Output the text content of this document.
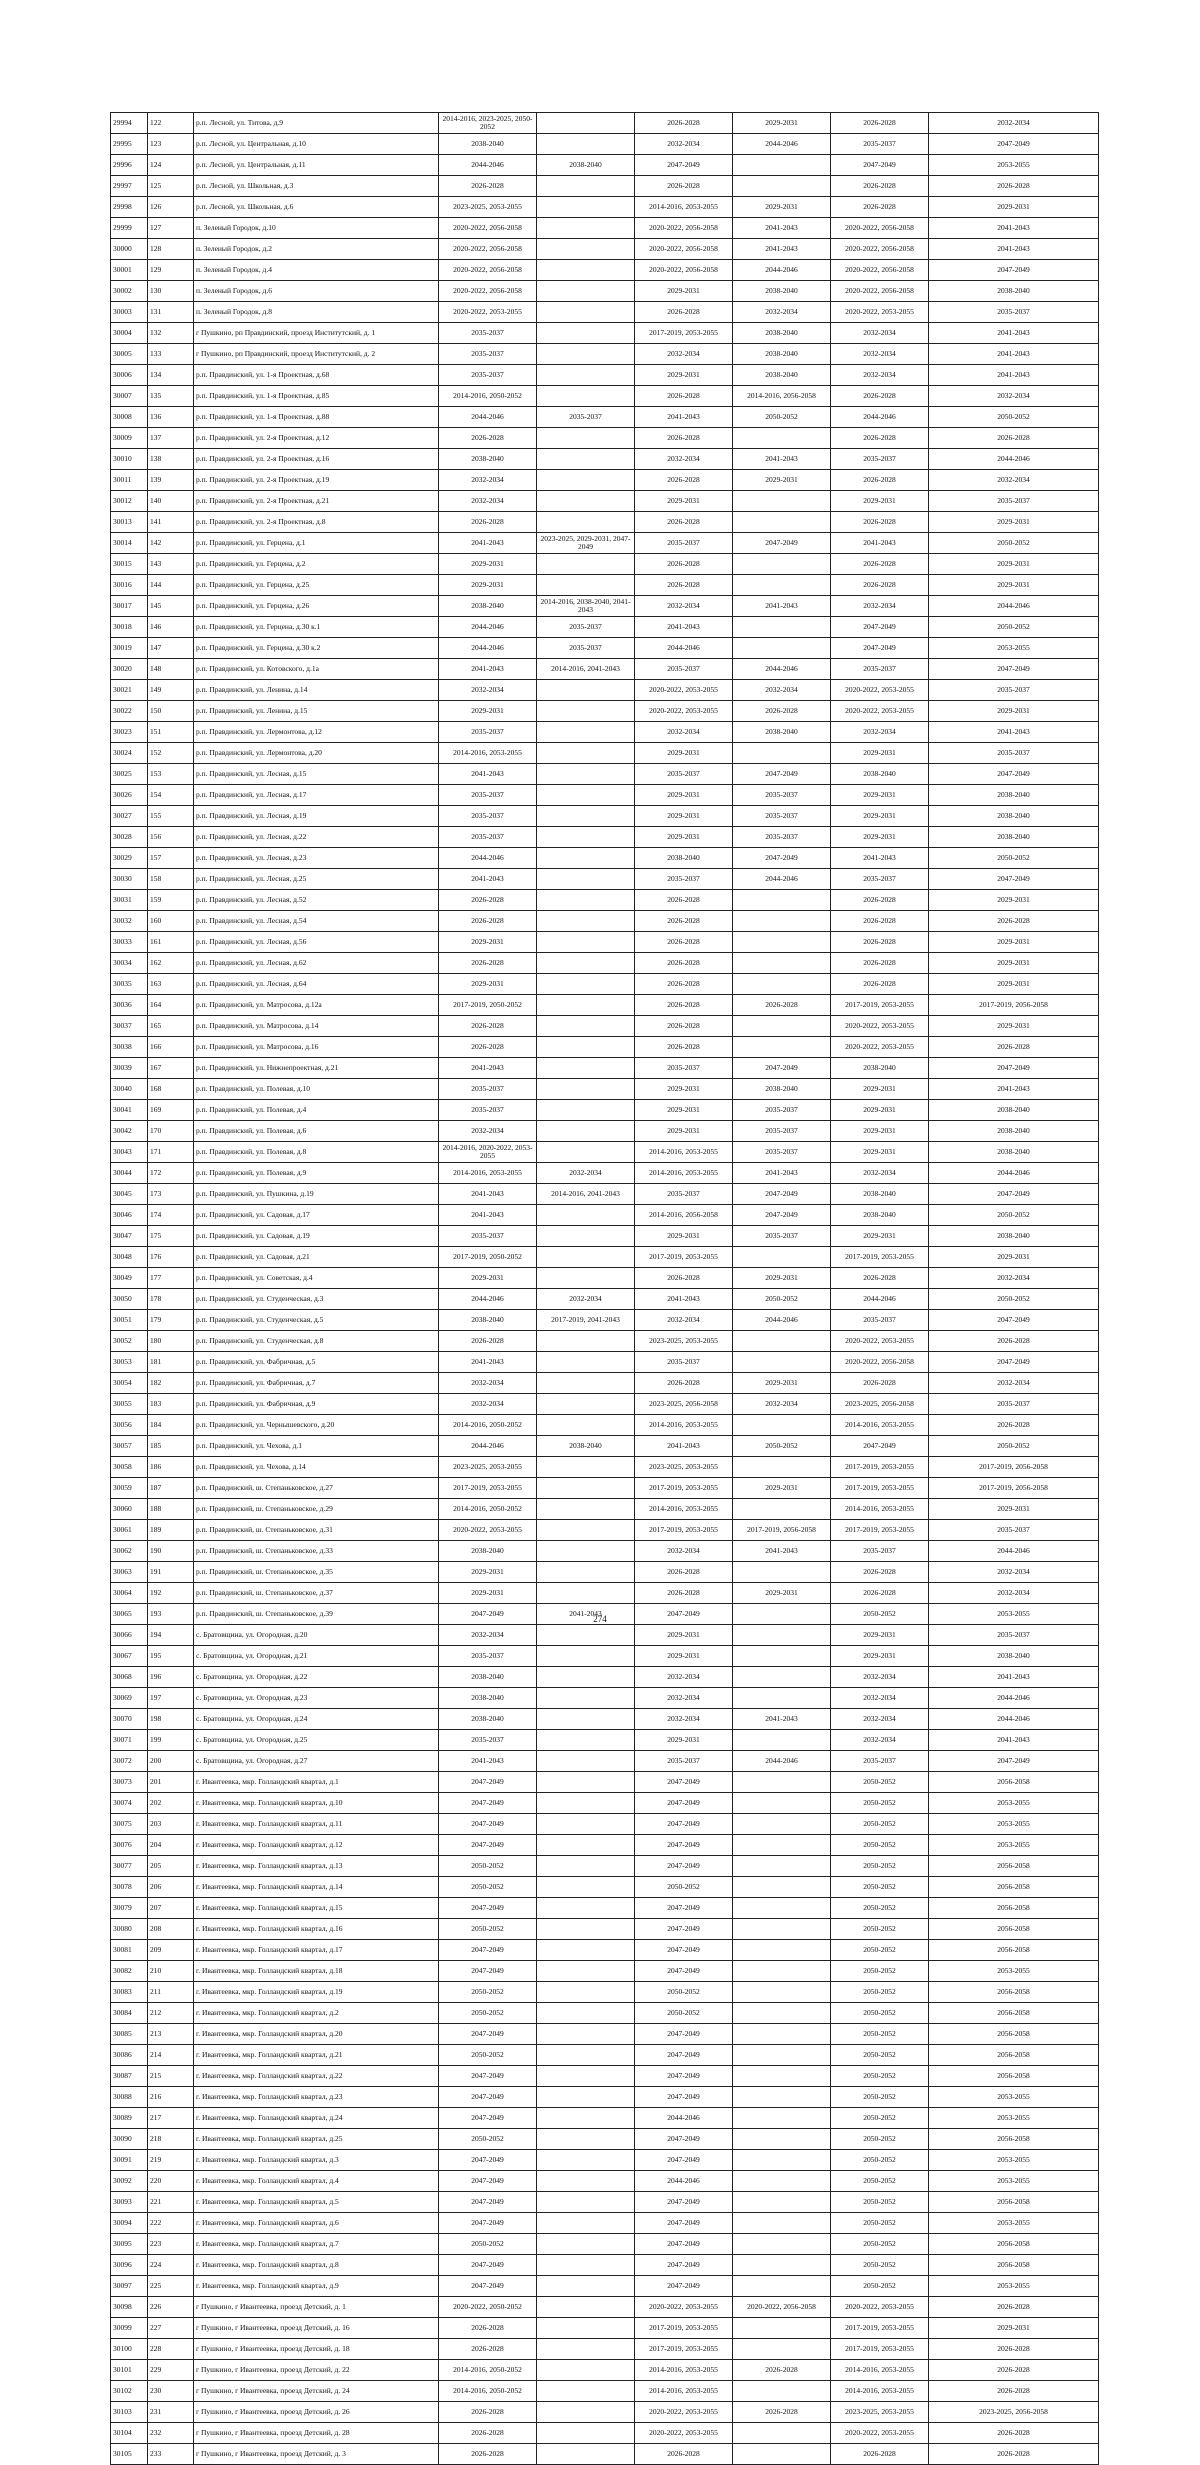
29994	122	р.п. Лесной, ул. Титова, д.9	2014-2016, 2023-2025, 2050-2052		2026-2028	2029-2031	2026-2028	2032-2034
29995	123	р.п. Лесной, ул. Центральная, д.10	2038-2040		2032-2034	2044-2046	2035-2037	2047-2049
29996	124	р.п. Лесной, ул. Центральная, д.11	2044-2046	2038-2040	2047-2049		2047-2049	2053-2055
29997	125	р.п. Лесной, ул. Школьная, д.3	2026-2028		2026-2028		2026-2028	2026-2028
29998	126	р.п. Лесной, ул. Школьная, д.6	2023-2025, 2053-2055		2014-2016, 2053-2055	2029-2031	2026-2028	2029-2031
29999	127	п. Зеленый Городок, д.10	2020-2022, 2056-2058		2020-2022, 2056-2058	2041-2043	2020-2022, 2056-2058	2041-2043
30000	128	п. Зеленый Городок, д.2	2020-2022, 2056-2058		2020-2022, 2056-2058	2041-2043	2020-2022, 2056-2058	2041-2043
30001	129	п. Зеленый Городок, д.4	2020-2022, 2056-2058		2020-2022, 2056-2058	2044-2046	2020-2022, 2056-2058	2047-2049
30002	130	п. Зеленый Городок, д.6	2020-2022, 2056-2058		2029-2031	2038-2040	2020-2022, 2056-2058	2038-2040
30003	131	п. Зеленый Городок, д.8	2020-2022, 2053-2055		2026-2028	2032-2034	2020-2022, 2053-2055	2035-2037
30004	132	г Пушкино, рп Правдинский, проезд Институтский, д. 1	2035-2037		2017-2019, 2053-2055	2038-2040	2032-2034	2041-2043
30005	133	г Пушкино, рп Правдинский, проезд Институтский, д. 2	2035-2037		2032-2034	2038-2040	2032-2034	2041-2043
30006	134	р.п. Правдинский, ул. 1-я Проектная, д.68	2035-2037		2029-2031	2038-2040	2032-2034	2041-2043
30007	135	р.п. Правдинский, ул. 1-я Проектная, д.85	2014-2016, 2050-2052		2026-2028	2014-2016, 2056-2058	2026-2028	2032-2034
30008	136	р.п. Правдинский, ул. 1-я Проектная, д.88	2044-2046	2035-2037	2041-2043	2050-2052	2044-2046	2050-2052
30009	137	р.п. Правдинский, ул. 2-я Проектная, д.12	2026-2028		2026-2028		2026-2028	2026-2028
30010	138	р.п. Правдинский, ул. 2-я Проектная, д.16	2038-2040		2032-2034	2041-2043	2035-2037	2044-2046
30011	139	р.п. Правдинский, ул. 2-я Проектная, д.19	2032-2034		2026-2028	2029-2031	2026-2028	2032-2034
30012	140	р.п. Правдинский, ул. 2-я Проектная, д.21	2032-2034		2029-2031		2029-2031	2035-2037
30013	141	р.п. Правдинский, ул. 2-я Проектная, д.8	2026-2028		2026-2028		2026-2028	2029-2031
30014	142	р.п. Правдинский, ул. Герцена, д.1	2041-2043	2023-2025, 2029-2031, 2047-2049	2035-2037	2047-2049	2041-2043	2050-2052
30015	143	р.п. Правдинский, ул. Герцена, д.2	2029-2031		2026-2028		2026-2028	2029-2031
30016	144	р.п. Правдинский, ул. Герцена, д.25	2029-2031		2026-2028		2026-2028	2029-2031
30017	145	р.п. Правдинский, ул. Герцена, д.26	2038-2040	2014-2016, 2038-2040, 2041-2043	2032-2034	2041-2043	2032-2034	2044-2046
30018	146	р.п. Правдинский, ул. Герцена, д.30 к.1	2044-2046	2035-2037	2041-2043		2047-2049	2050-2052
30019	147	р.п. Правдинский, ул. Герцена, д.30 к.2	2044-2046	2035-2037	2044-2046		2047-2049	2053-2055
30020	148	р.п. Правдинский, ул. Котовского, д.1а	2041-2043	2014-2016, 2041-2043	2035-2037	2044-2046	2035-2037	2047-2049
30021	149	р.п. Правдинский, ул. Ленина, д.14	2032-2034		2020-2022, 2053-2055	2032-2034	2020-2022, 2053-2055	2035-2037
30022	150	р.п. Правдинский, ул. Ленина, д.15	2029-2031		2020-2022, 2053-2055	2026-2028	2020-2022, 2053-2055	2029-2031
30023	151	р.п. Правдинский, ул. Лермонтова, д.12	2035-2037		2032-2034	2038-2040	2032-2034	2041-2043
30024	152	р.п. Правдинский, ул. Лермонтова, д.20	2014-2016, 2053-2055		2029-2031		2029-2031	2035-2037
30025	153	р.п. Правдинский, ул. Лесная, д.15	2041-2043		2035-2037	2047-2049	2038-2040	2047-2049
30026	154	р.п. Правдинский, ул. Лесная, д.17	2035-2037		2029-2031	2035-2037	2029-2031	2038-2040
30027	155	р.п. Правдинский, ул. Лесная, д.19	2035-2037		2029-2031	2035-2037	2029-2031	2038-2040
30028	156	р.п. Правдинский, ул. Лесная, д.22	2035-2037		2029-2031	2035-2037	2029-2031	2038-2040
30029	157	р.п. Правдинский, ул. Лесная, д.23	2044-2046		2038-2040	2047-2049	2041-2043	2050-2052
30030	158	р.п. Правдинский, ул. Лесная, д.25	2041-2043		2035-2037	2044-2046	2035-2037	2047-2049
30031	159	р.п. Правдинский, ул. Лесная, д.52	2026-2028		2026-2028		2026-2028	2029-2031
30032	160	р.п. Правдинский, ул. Лесная, д.54	2026-2028		2026-2028		2026-2028	2026-2028
30033	161	р.п. Правдинский, ул. Лесная, д.56	2029-2031		2026-2028		2026-2028	2029-2031
30034	162	р.п. Правдинский, ул. Лесная, д.62	2026-2028		2026-2028		2026-2028	2029-2031
30035	163	р.п. Правдинский, ул. Лесная, д.64	2029-2031		2026-2028		2026-2028	2029-2031
30036	164	р.п. Правдинский, ул. Матросова, д.12а	2017-2019, 2050-2052		2026-2028	2026-2028	2017-2019, 2053-2055	2017-2019, 2056-2058
30037	165	р.п. Правдинский, ул. Матросова, д.14	2026-2028		2026-2028		2020-2022, 2053-2055	2029-2031
30038	166	р.п. Правдинский, ул. Матросова, д.16	2026-2028		2026-2028		2020-2022, 2053-2055	2026-2028
30039	167	р.п. Правдинский, ул. Нижнепроектная, д.21	2041-2043		2035-2037	2047-2049	2038-2040	2047-2049
30040	168	р.п. Правдинский, ул. Полевая, д.10	2035-2037		2029-2031	2038-2040	2029-2031	2041-2043
30041	169	р.п. Правдинский, ул. Полевая, д.4	2035-2037		2029-2031	2035-2037	2029-2031	2038-2040
30042	170	р.п. Правдинский, ул. Полевая, д.6	2032-2034		2029-2031	2035-2037	2029-2031	2038-2040
30043	171	р.п. Правдинский, ул. Полевая, д.8	2014-2016, 2020-2022, 2053-2055		2014-2016, 2053-2055	2035-2037	2029-2031	2038-2040
30044	172	р.п. Правдинский, ул. Полевая, д.9	2014-2016, 2053-2055	2032-2034	2014-2016, 2053-2055	2041-2043	2032-2034	2044-2046
30045	173	р.п. Правдинский, ул. Пушкина, д.19	2041-2043	2014-2016, 2041-2043	2035-2037	2047-2049	2038-2040	2047-2049
30046	174	р.п. Правдинский, ул. Садовая, д.17	2041-2043		2014-2016, 2056-2058	2047-2049	2038-2040	2050-2052
30047	175	р.п. Правдинский, ул. Садовая, д.19	2035-2037		2029-2031	2035-2037	2029-2031	2038-2040
30048	176	р.п. Правдинский, ул. Садовая, д.21	2017-2019, 2050-2052		2017-2019, 2053-2055		2017-2019, 2053-2055	2029-2031
30049	177	р.п. Правдинский, ул. Советская, д.4	2029-2031		2026-2028	2029-2031	2026-2028	2032-2034
30050	178	р.п. Правдинский, ул. Студенческая, д.3	2044-2046	2032-2034	2041-2043	2050-2052	2044-2046	2050-2052
30051	179	р.п. Правдинский, ул. Студенческая, д.5	2038-2040	2017-2019, 2041-2043	2032-2034	2044-2046	2035-2037	2047-2049
30052	180	р.п. Правдинский, ул. Студенческая, д.8	2026-2028		2023-2025, 2053-2055		2020-2022, 2053-2055	2026-2028
30053	181	р.п. Правдинский, ул. Фабричная, д.5	2041-2043		2035-2037		2020-2022, 2056-2058	2047-2049
30054	182	р.п. Правдинский, ул. Фабричная, д.7	2032-2034		2026-2028	2029-2031	2026-2028	2032-2034
30055	183	р.п. Правдинский, ул. Фабричная, д.9	2032-2034		2023-2025, 2056-2058	2032-2034	2023-2025, 2056-2058	2035-2037
30056	184	р.п. Правдинский, ул. Чернышевского, д.20	2014-2016, 2050-2052		2014-2016, 2053-2055		2014-2016, 2053-2055	2026-2028
30057	185	р.п. Правдинский, ул. Чехова, д.1	2044-2046	2038-2040	2041-2043	2050-2052	2047-2049	2050-2052
30058	186	р.п. Правдинский, ул. Чехова, д.14	2023-2025, 2053-2055		2023-2025, 2053-2055		2017-2019, 2053-2055	2017-2019, 2056-2058
30059	187	р.п. Правдинский, ш. Степаньковское, д.27	2017-2019, 2053-2055		2017-2019, 2053-2055	2029-2031	2017-2019, 2053-2055	2017-2019, 2056-2058
30060	188	р.п. Правдинский, ш. Степаньковское, д.29	2014-2016, 2050-2052		2014-2016, 2053-2055		2014-2016, 2053-2055	2029-2031
30061	189	р.п. Правдинский, ш. Степаньковское, д.31	2020-2022, 2053-2055		2017-2019, 2053-2055	2017-2019, 2056-2058	2017-2019, 2053-2055	2035-2037
30062	190	р.п. Правдинский, ш. Степаньковское, д.33	2038-2040		2032-2034	2041-2043	2035-2037	2044-2046
30063	191	р.п. Правдинский, ш. Степаньковское, д.35	2029-2031		2026-2028		2026-2028	2032-2034
30064	192	р.п. Правдинский, ш. Степаньковское, д.37	2029-2031		2026-2028	2029-2031	2026-2028	2032-2034
30065	193	р.п. Правдинский, ш. Степаньковское, д.39	2047-2049	2041-2043	2047-2049		2050-2052	2053-2055
30066	194	с. Братовщина, ул. Огородная, д.20	2032-2034		2029-2031		2029-2031	2035-2037
30067	195	с. Братовщина, ул. Огородная, д.21	2035-2037		2029-2031		2029-2031	2038-2040
30068	196	с. Братовщина, ул. Огородная, д.22	2038-2040		2032-2034		2032-2034	2041-2043
30069	197	с. Братовщина, ул. Огородная, д.23	2038-2040		2032-2034		2032-2034	2044-2046
30070	198	с. Братовщина, ул. Огородная, д.24	2038-2040		2032-2034	2041-2043	2032-2034	2044-2046
30071	199	с. Братовщина, ул. Огородная, д.25	2035-2037		2029-2031		2032-2034	2041-2043
30072	200	с. Братовщина, ул. Огородная, д.27	2041-2043		2035-2037	2044-2046	2035-2037	2047-2049
30073	201	г. Ивантеевка, мкр. Голландский квартал, д.1	2047-2049		2047-2049		2050-2052	2056-2058
30074	202	г. Ивантеевка, мкр. Голландский квартал, д.10	2047-2049		2047-2049		2050-2052	2053-2055
30075	203	г. Ивантеевка, мкр. Голландский квартал, д.11	2047-2049		2047-2049		2050-2052	2053-2055
30076	204	г. Ивантеевка, мкр. Голландский квартал, д.12	2047-2049		2047-2049		2050-2052	2053-2055
30077	205	г. Ивантеевка, мкр. Голландский квартал, д.13	2050-2052		2047-2049		2050-2052	2056-2058
30078	206	г. Ивантеевка, мкр. Голландский квартал, д.14	2050-2052		2050-2052		2050-2052	2056-2058
30079	207	г. Ивантеевка, мкр. Голландский квартал, д.15	2047-2049		2047-2049		2050-2052	2056-2058
30080	208	г. Ивантеевка, мкр. Голландский квартал, д.16	2050-2052		2047-2049		2050-2052	2056-2058
30081	209	г. Ивантеевка, мкр. Голландский квартал, д.17	2047-2049		2047-2049		2050-2052	2056-2058
30082	210	г. Ивантеевка, мкр. Голландский квартал, д.18	2047-2049		2047-2049		2050-2052	2053-2055
30083	211	г. Ивантеевка, мкр. Голландский квартал, д.19	2050-2052		2050-2052		2050-2052	2056-2058
30084	212	г. Ивантеевка, мкр. Голландский квартал, д.2	2050-2052		2050-2052		2050-2052	2056-2058
30085	213	г. Ивантеевка, мкр. Голландский квартал, д.20	2047-2049		2047-2049		2050-2052	2056-2058
30086	214	г. Ивантеевка, мкр. Голландский квартал, д.21	2050-2052		2047-2049		2050-2052	2056-2058
30087	215	г. Ивантеевка, мкр. Голландский квартал, д.22	2047-2049		2047-2049		2050-2052	2056-2058
30088	216	г. Ивантеевка, мкр. Голландский квартал, д.23	2047-2049		2047-2049		2050-2052	2053-2055
30089	217	г. Ивантеевка, мкр. Голландский квартал, д.24	2047-2049		2044-2046		2050-2052	2053-2055
30090	218	г. Ивантеевка, мкр. Голландский квартал, д.25	2050-2052		2047-2049		2050-2052	2056-2058
30091	219	г. Ивантеевка, мкр. Голландский квартал, д.3	2047-2049		2047-2049		2050-2052	2053-2055
30092	220	г. Ивантеевка, мкр. Голландский квартал, д.4	2047-2049		2044-2046		2050-2052	2053-2055
30093	221	г. Ивантеевка, мкр. Голландский квартал, д.5	2047-2049		2047-2049		2050-2052	2056-2058
30094	222	г. Ивантеевка, мкр. Голландский квартал, д.6	2047-2049		2047-2049		2050-2052	2053-2055
30095	223	г. Ивантеевка, мкр. Голландский квартал, д.7	2050-2052		2047-2049		2050-2052	2056-2058
30096	224	г. Ивантеевка, мкр. Голландский квартал, д.8	2047-2049		2047-2049		2050-2052	2056-2058
30097	225	г. Ивантеевка, мкр. Голландский квартал, д.9	2047-2049		2047-2049		2050-2052	2053-2055
30098	226	г Пушкино, г Ивантеевка, проезд Детский, д. 1	2020-2022, 2050-2052		2020-2022, 2053-2055	2020-2022, 2056-2058	2020-2022, 2053-2055	2026-2028
30099	227	г Пушкино, г Ивантеевка, проезд Детский, д. 16	2026-2028		2017-2019, 2053-2055		2017-2019, 2053-2055	2029-2031
30100	228	г Пушкино, г Ивантеевка, проезд Детский, д. 18	2026-2028		2017-2019, 2053-2055		2017-2019, 2053-2055	2026-2028
30101	229	г Пушкино, г Ивантеевка, проезд Детский, д. 22	2014-2016, 2050-2052		2014-2016, 2053-2055	2026-2028	2014-2016, 2053-2055	2026-2028
30102	230	г Пушкино, г Ивантеевка, проезд Детский, д. 24	2014-2016, 2050-2052		2014-2016, 2053-2055		2014-2016, 2053-2055	2026-2028
30103	231	г Пушкино, г Ивантеевка, проезд Детский, д. 26	2026-2028		2020-2022, 2053-2055	2026-2028	2023-2025, 2053-2055	2023-2025, 2056-2058
30104	232	г Пушкино, г Ивантеевка, проезд Детский, д. 28	2026-2028		2020-2022, 2053-2055		2020-2022, 2053-2055	2026-2028
30105	233	г Пушкино, г Ивантеевка, проезд Детский, д. 3	2026-2028		2026-2028		2026-2028	2026-2028
274
